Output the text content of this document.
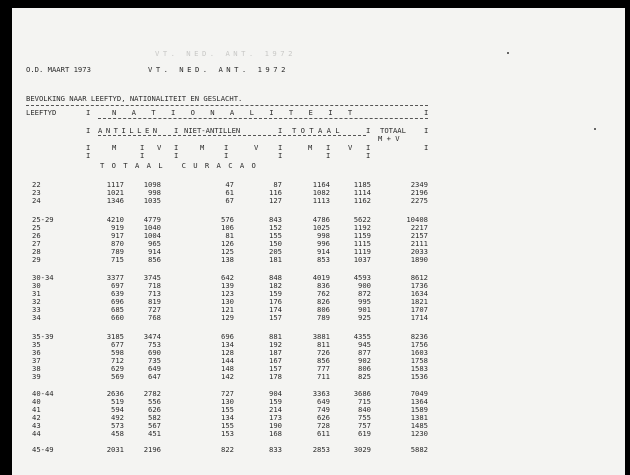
O.D. MAART 1973	VT. NED. ANT. 1972
VT. NED. ANT. 1972
BEVOLKING NAAR LEEFTYD, NATIONALITEIT EN GESLACHT.
LEEFTYD	I	N A T I O N A L I T E I T	I
I ANTILLEN I NIET-ANTILLEN	I T O T A A L	I TOTAAL	I
M + V
I	M	I V I	M	I	V	I	M I V I	I
I	I	I	I	I	I	I
T O T A A L   C U R A C A O
22	1117	1098	47	87	1164	1185	2349
23	1021	998	61	116	1082	1114	2196
24	1346	1035	67	127	1113	1162	2275
25-29	4210	4779	576	843	4786	5622	10408
25	919	1040	106	152	1025	1192	2217
26	917	1004	81	155	998	1159	2157
27	870	965	126	150	996	1115	2111
28	789	914	125	205	914	1119	2033
29	715	856	138	181	853	1037	1890
30-34	3377	3745	642	848	4019	4593	8612
30	697	718	139	182	836	900	1736
31	639	713	123	159	762	872	1634
32	696	819	130	176	826	995	1821
33	685	727	121	174	806	901	1707
34	660	768	129	157	789	925	1714
35-39	3185	3474	696	881	3881	4355	8236
35	677	753	134	192	811	945	1756
36	598	690	128	187	726	877	1603
37	712	735	144	167	856	902	1758
38	629	649	148	157	777	806	1583
39	569	647	142	178	711	825	1536
40-44	2636	2782	727	904	3363	3686	7049
40	519	556	130	159	649	715	1364
41	594	626	155	214	749	840	1589
42	492	582	134	173	626	755	1381
43	573	567	155	190	728	757	1485
44	458	451	153	168	611	619	1230
45-49	2031	2196	822	833	2853	3029	5882
